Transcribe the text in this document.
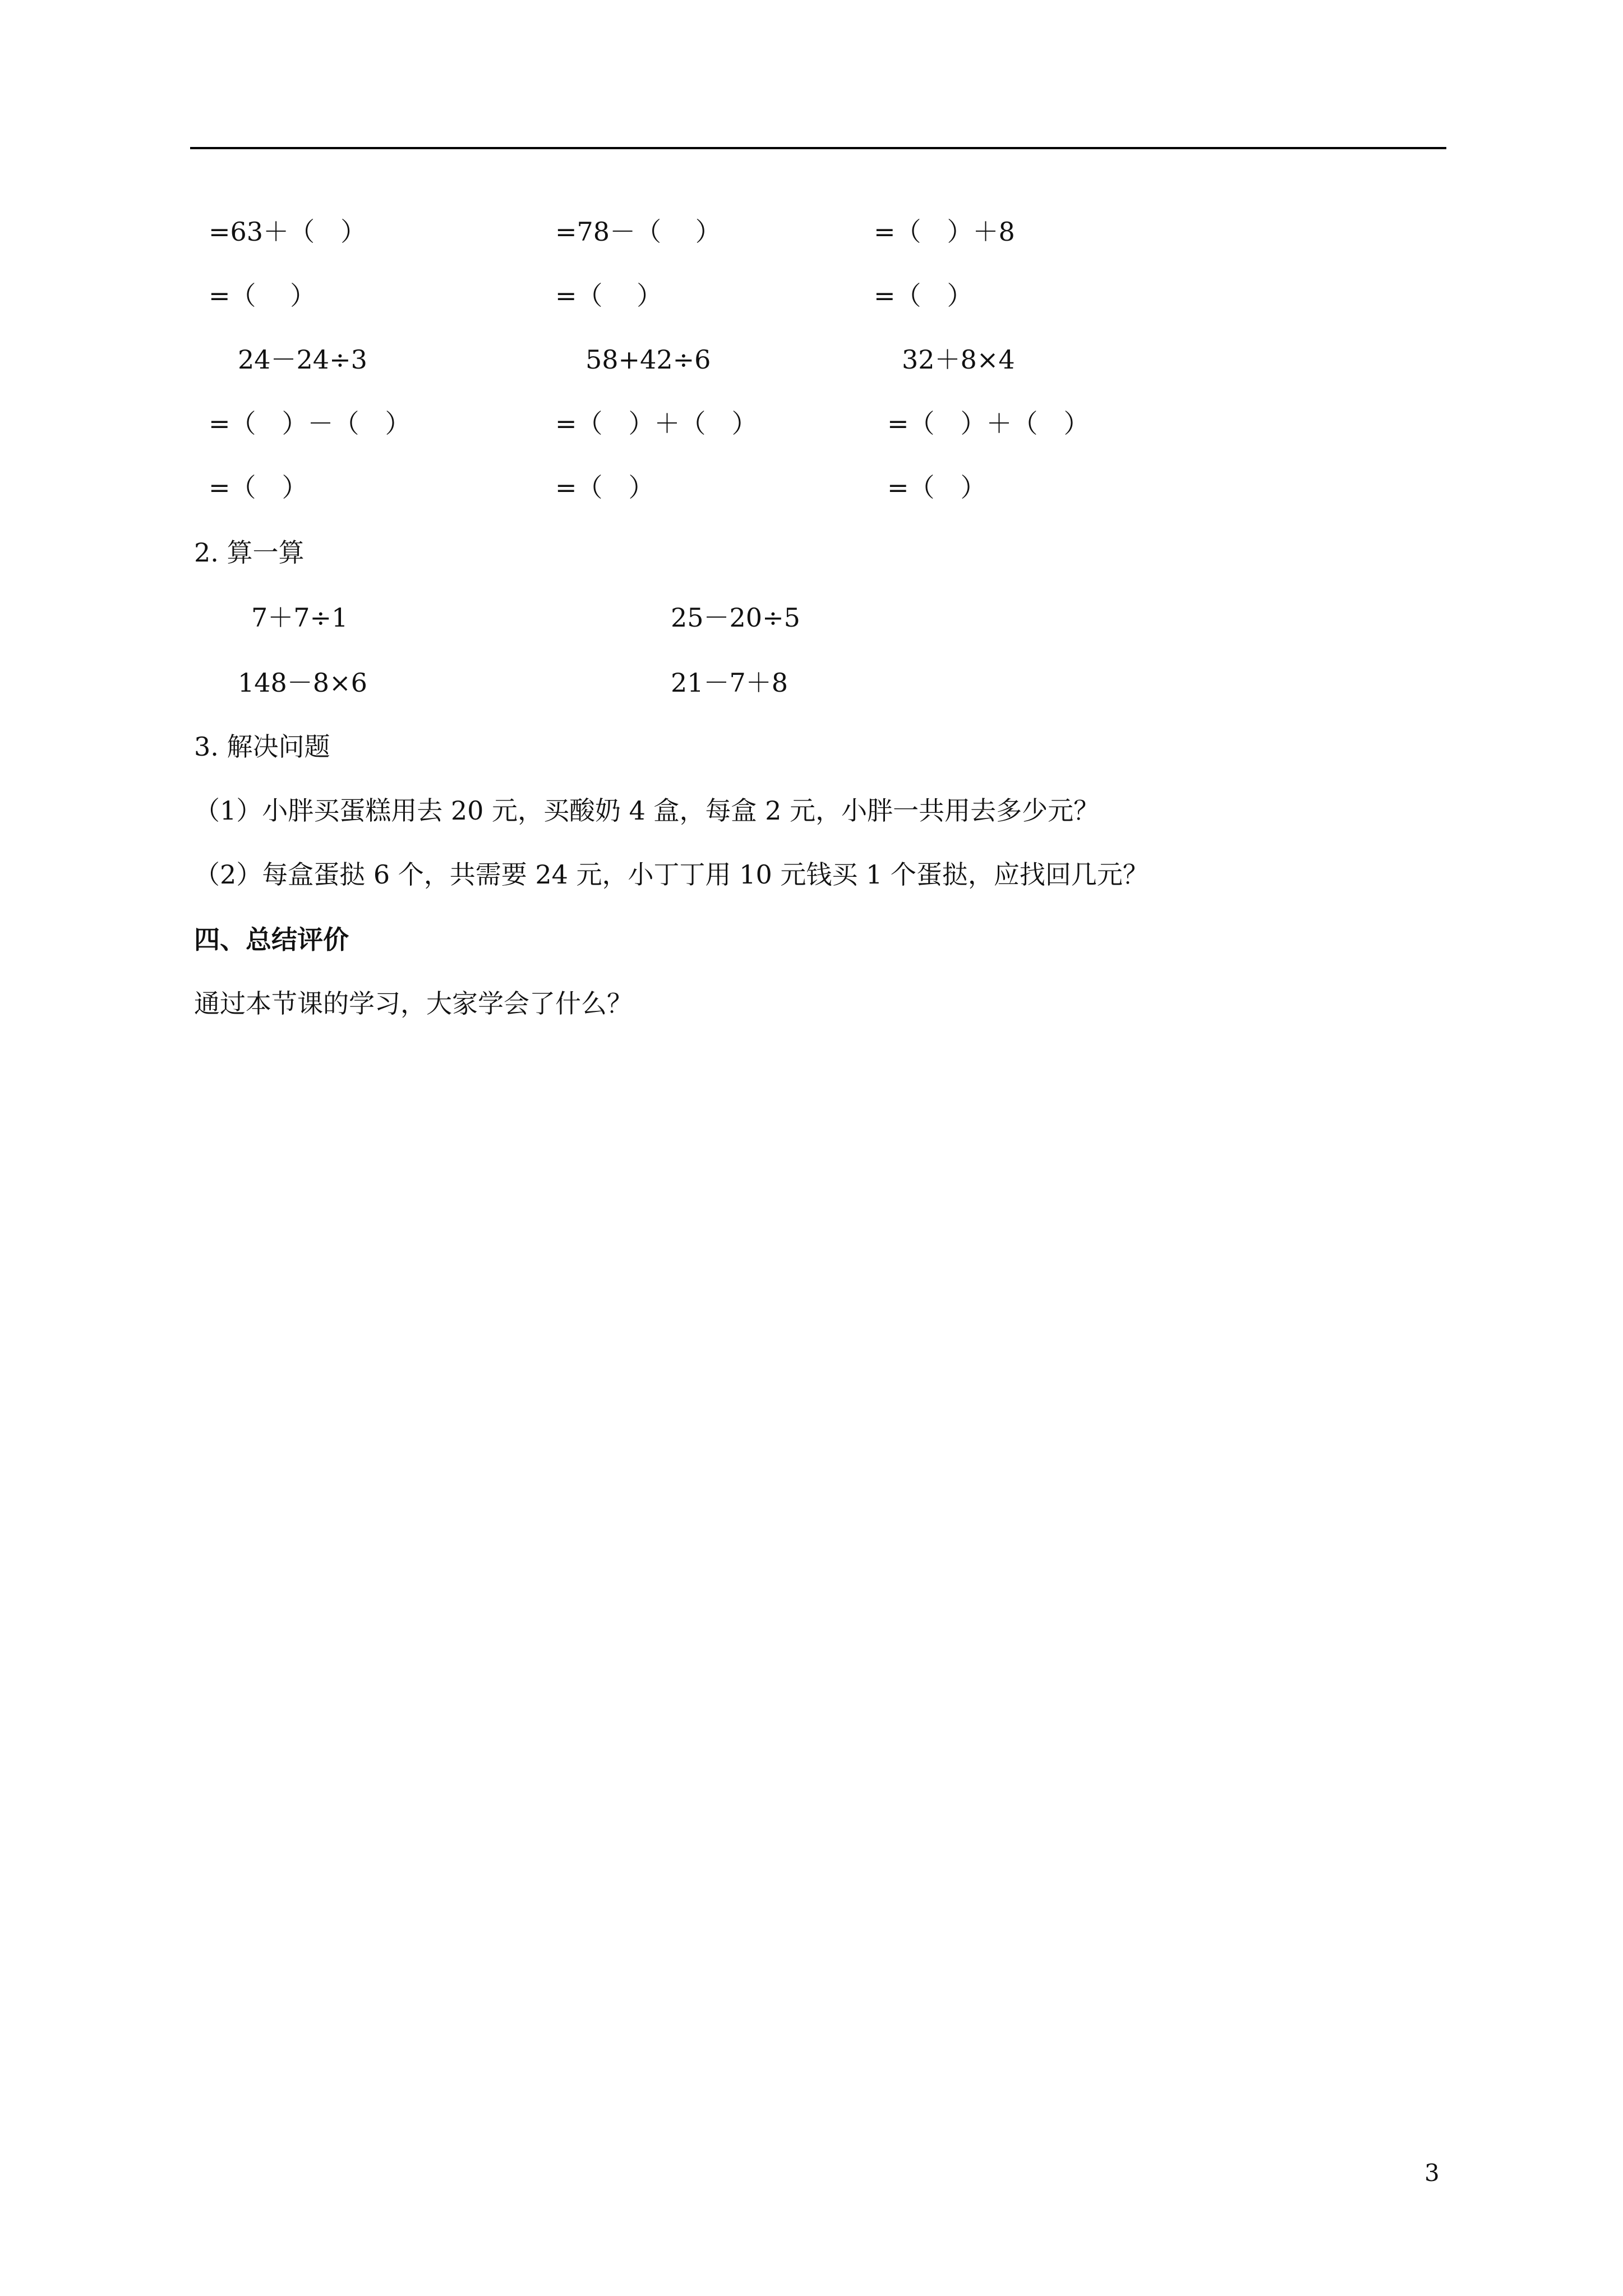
=63＋（　）	=78－（　 ）	=（　）＋8
=（　 ）	=（　 ）	=（　）
24－24÷3	58+42÷6	32＋8×4
=（　）－（　）	=（　）＋（　）	=（　）＋（　）
=（　）	=（　）	=（　）
2. 算一算
7＋7÷1	25－20÷5
148－8×6	21－7＋8
3. 解决问题
（1）小胖买蛋糕用去 20 元，买酸奶 4 盒，每盒 2 元，小胖一共用去多少元？
（2）每盒蛋挞 6 个，共需要 24 元，小丁丁用 10 元钱买 1 个蛋挞，应找回几元？
四、总结评价
通过本节课的学习，大家学会了什么？
3
